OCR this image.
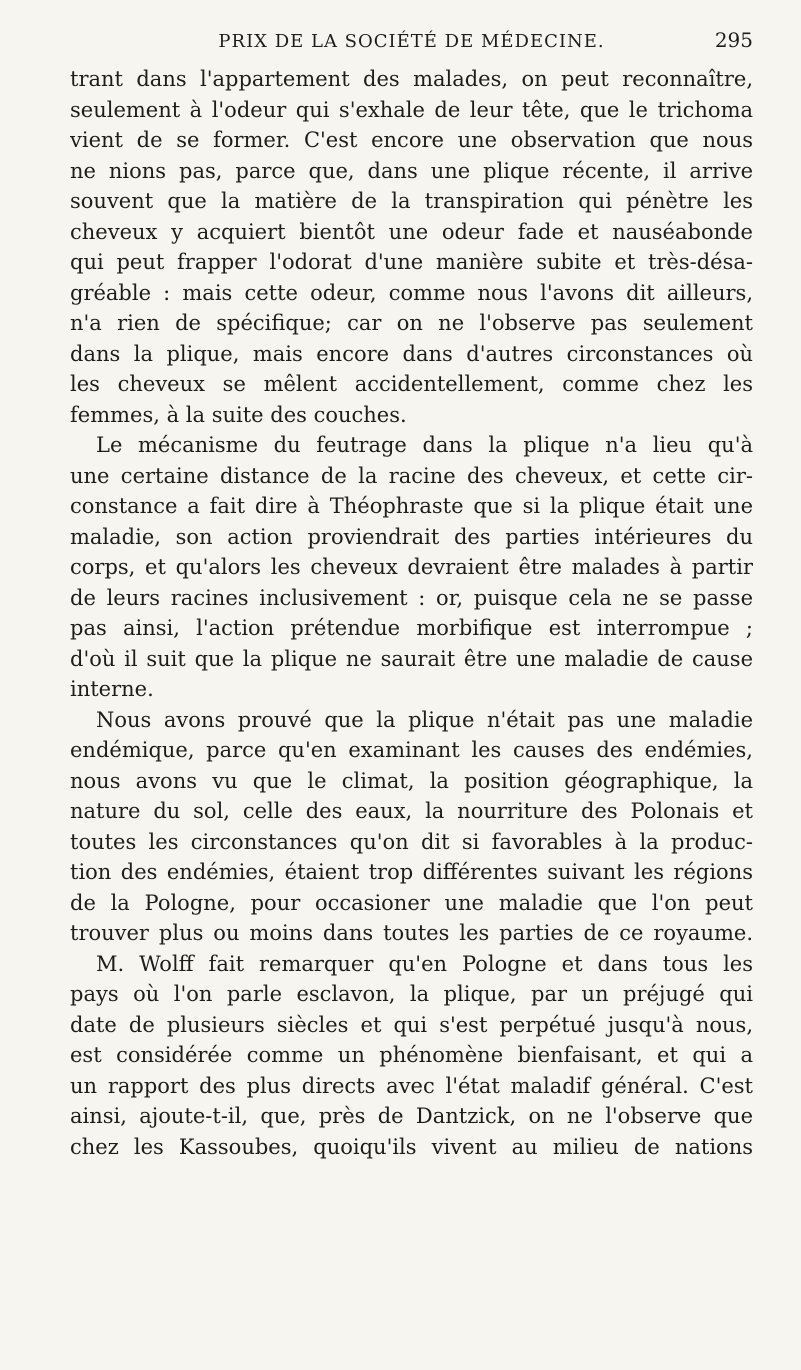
PRIX DE LA SOCIÉTÉ DE MÉDECINE.	295
trant dans l'appartement des malades, on peut reconnaître,
seulement à l'odeur qui s'exhale de leur tête, que le trichoma
vient de se former. C'est encore une observation que nous
ne nions pas, parce que, dans une plique récente, il arrive
souvent que la matière de la transpiration qui pénètre les
cheveux y acquiert bientôt une odeur fade et nauséabonde
qui peut frapper l'odorat d'une manière subite et très-désa-
gréable : mais cette odeur, comme nous l'avons dit ailleurs,
n'a rien de spécifique; car on ne l'observe pas seulement
dans la plique, mais encore dans d'autres circonstances où
les cheveux se mêlent accidentellement, comme chez les
femmes, à la suite des couches.
Le mécanisme du feutrage dans la plique n'a lieu qu'à
une certaine distance de la racine des cheveux, et cette cir-
constance a fait dire à Théophraste que si la plique était une
maladie, son action proviendrait des parties intérieures du
corps, et qu'alors les cheveux devraient être malades à partir
de leurs racines inclusivement : or, puisque cela ne se passe
pas ainsi, l'action prétendue morbifique est interrompue ;
d'où il suit que la plique ne saurait être une maladie de cause
interne.
Nous avons prouvé que la plique n'était pas une maladie
endémique, parce qu'en examinant les causes des endémies,
nous avons vu que le climat, la position géographique, la
nature du sol, celle des eaux, la nourriture des Polonais et
toutes les circonstances qu'on dit si favorables à la produc-
tion des endémies, étaient trop différentes suivant les régions
de la Pologne, pour occasioner une maladie que l'on peut
trouver plus ou moins dans toutes les parties de ce royaume.
M. Wolff fait remarquer qu'en Pologne et dans tous les
pays où l'on parle esclavon, la plique, par un préjugé qui
date de plusieurs siècles et qui s'est perpétué jusqu'à nous,
est considérée comme un phénomène bienfaisant, et qui a
un rapport des plus directs avec l'état maladif général. C'est
ainsi, ajoute-t-il, que, près de Dantzick, on ne l'observe que
chez les Kassoubes, quoiqu'ils vivent au milieu de nations
